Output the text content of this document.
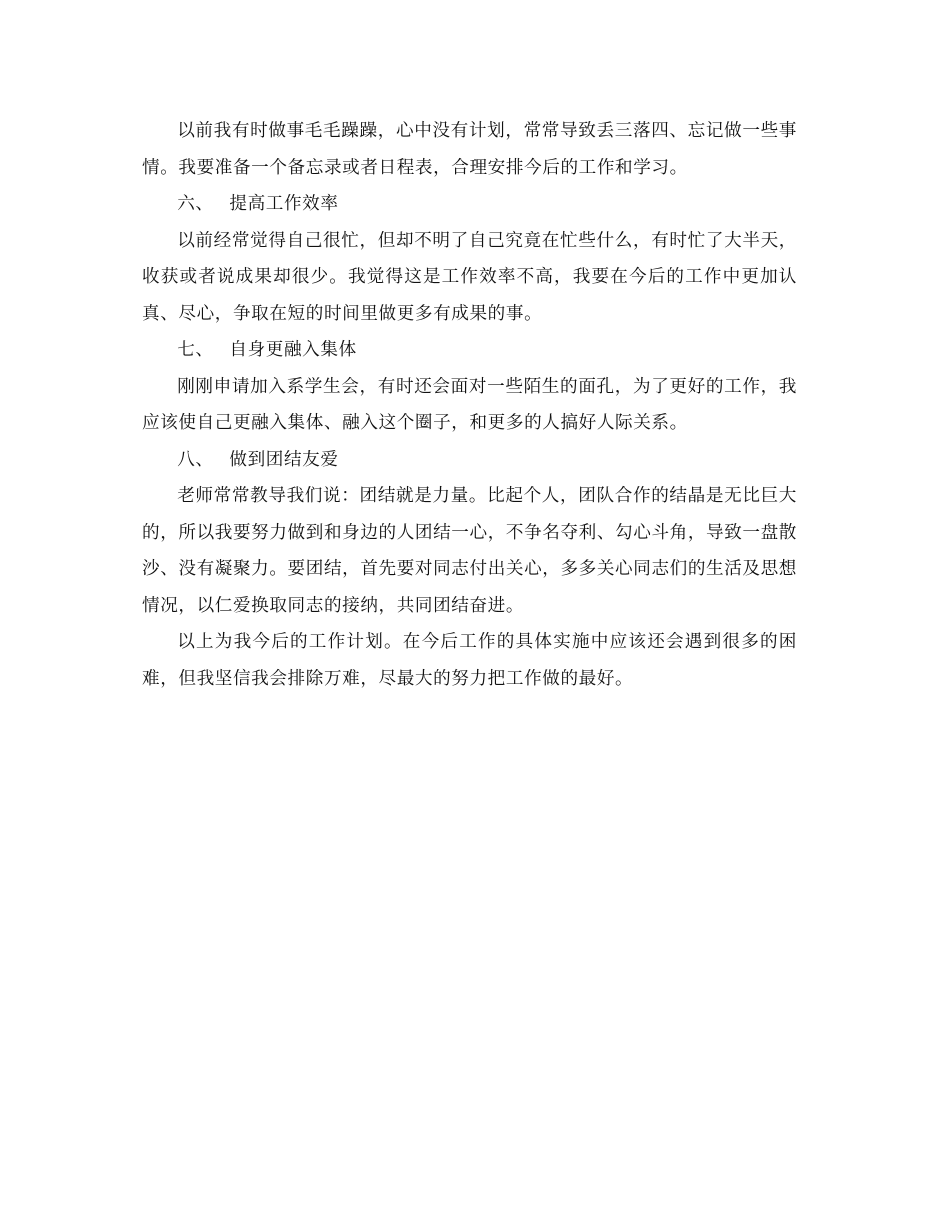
以前我有时做事毛毛躁躁，心中没有计划，常常导致丢三落四、忘记做一些事情。我要准备一个备忘录或者日程表，合理安排今后的工作和学习。

六、 提高工作效率

以前经常觉得自己很忙，但却不明了自己究竟在忙些什么，有时忙了大半天，收获或者说成果却很少。我觉得这是工作效率不高，我要在今后的工作中更加认真、尽心，争取在短的时间里做更多有成果的事。

七、 自身更融入集体

刚刚申请加入系学生会，有时还会面对一些陌生的面孔，为了更好的工作，我应该使自己更融入集体、融入这个圈子，和更多的人搞好人际关系。

八、 做到团结友爱

老师常常教导我们说：团结就是力量。比起个人，团队合作的结晶是无比巨大的，所以我要努力做到和身边的人团结一心，不争名夺利、勾心斗角，导致一盘散沙、没有凝聚力。要团结，首先要对同志付出关心，多多关心同志们的生活及思想情况，以仁爱换取同志的接纳，共同团结奋进。

以上为我今后的工作计划。在今后工作的具体实施中应该还会遇到很多的困难，但我坚信我会排除万难，尽最大的努力把工作做的最好。
